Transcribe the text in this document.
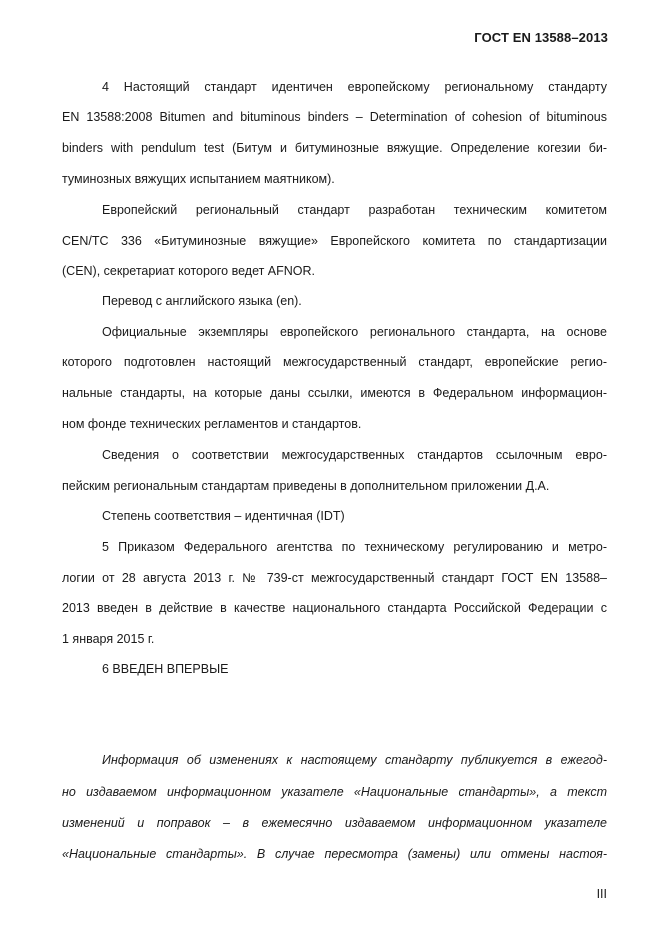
ГОСТ EN 13588–2013
4 Настоящий стандарт идентичен европейскому региональному стандарту
EN 13588:2008 Bitumen and bituminous binders – Determination of cohesion of bituminous
binders with pendulum test (Битум и битуминозные вяжущие. Определение когезии би-
туминозных вяжущих испытанием маятником).
Европейский региональный стандарт разработан техническим комитетом
CEN/TC 336 «Битуминозные вяжущие» Европейского комитета по стандартизации
(CEN), секретариат которого ведет AFNOR.
Перевод с английского языка (en).
Официальные экземпляры европейского регионального стандарта, на основе
которого подготовлен настоящий межгосударственный стандарт, европейские регио-
нальные стандарты, на которые даны ссылки, имеются в Федеральном информацион-
ном фонде технических регламентов и стандартов.
Сведения о соответствии межгосударственных стандартов ссылочным евро-
пейским региональным стандартам приведены в дополнительном приложении Д.А.
Степень соответствия – идентичная (IDT)
5 Приказом Федерального агентства по техническому регулированию и метро-
логии от 28 августа 2013 г. № 739-ст межгосударственный стандарт ГОСТ EN 13588–
2013 введен в действие в качестве национального стандарта Российской Федерации с
1 января 2015 г.
6 ВВЕДЕН ВПЕРВЫЕ
Информация об изменениях к настоящему стандарту публикуется в ежегод-
но издаваемом информационном указателе «Национальные стандарты», а текст
изменений и поправок – в ежемесячно издаваемом информационном указателе
«Национальные стандарты». В случае пересмотра (замены) или отмены настоя-
III
